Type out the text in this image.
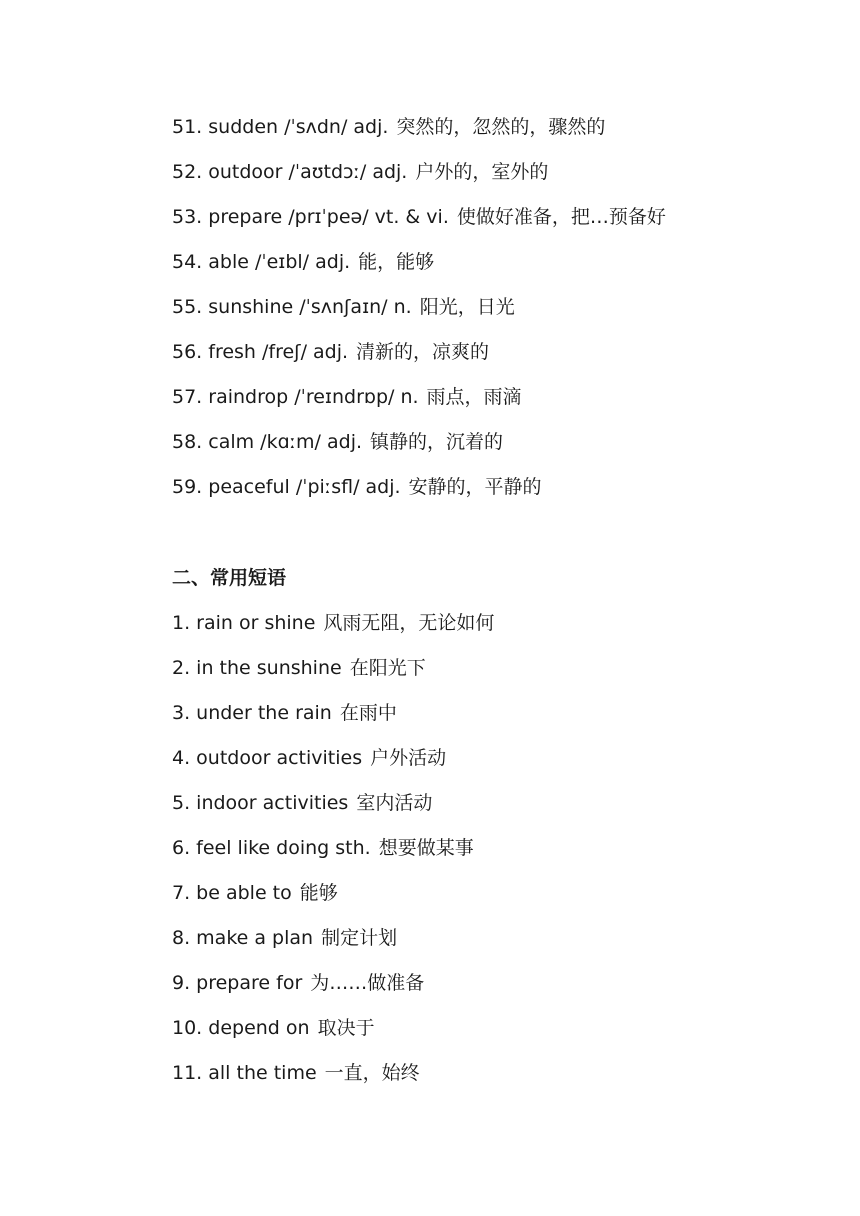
51. sudden /ˈsʌdn/ adj. 突然的，忽然的，骤然的
52. outdoor /ˈaʊtdɔː/ adj. 户外的，室外的
53. prepare /prɪˈpeə/ vt. & vi. 使做好准备，把…预备好
54. able /ˈeɪbl/ adj. 能，能够
55. sunshine /ˈsʌnʃaɪn/ n. 阳光，日光
56. fresh /freʃ/ adj. 清新的，凉爽的
57. raindrop /ˈreɪndrɒp/ n. 雨点，雨滴
58. calm /kɑːm/ adj. 镇静的，沉着的
59. peaceful /ˈpiːsfl/ adj. 安静的，平静的
二、常用短语
1. rain or shine 风雨无阻，无论如何
2. in the sunshine 在阳光下
3. under the rain 在雨中
4. outdoor activities 户外活动
5. indoor activities 室内活动
6. feel like doing sth. 想要做某事
7. be able to 能够
8. make a plan 制定计划
9. prepare for 为……做准备
10. depend on 取决于
11. all the time 一直，始终
